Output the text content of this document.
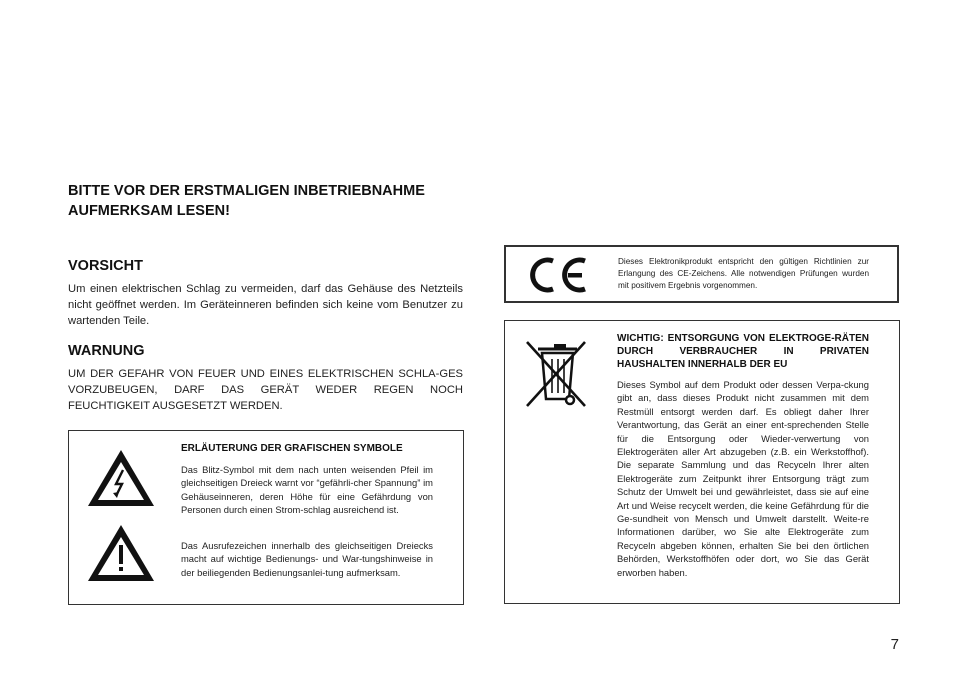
BITTE VOR DER ERSTMALIGEN INBETRIEBNAHME
AUFMERKSAM LESEN!
VORSICHT
Um einen elektrischen Schlag zu vermeiden, darf das Gehäuse des Netzteils nicht geöffnet werden. Im Geräteinneren befinden sich keine vom Benutzer zu wartenden Teile.
WARNUNG
UM DER GEFAHR VON FEUER UND EINES ELEKTRISCHEN SCHLA-GES VORZUBEUGEN, DARF DAS GERÄT WEDER REGEN NOCH FEUCHTIGKEIT AUSGESETZT WERDEN.
ERLÄUTERUNG DER GRAFISCHEN SYMBOLE
Das Blitz-Symbol mit dem nach unten weisenden Pfeil im gleichseitigen Dreieck warnt vor “gefährli-cher Spannung” im Gehäuseinneren, deren Höhe für eine Gefährdung von Personen durch einen Strom-schlag ausreichend ist.
Das Ausrufezeichen innerhalb des gleichseitigen Dreiecks macht auf wichtige Bedienungs- und War-tungshinweise in der beiliegenden Bedienungsanlei-tung aufmerksam.
Dieses Elektronikprodukt entspricht den gültigen Richtlinien zur Erlangung des CE-Zeichens. Alle notwendigen Prüfungen wurden mit positivem Ergebnis vorgenommen.
WICHTIG: ENTSORGUNG VON ELEKTROGE-RÄTEN DURCH VERBRAUCHER IN PRIVATEN HAUSHALTEN INNERHALB DER EU
Dieses Symbol auf dem Produkt oder dessen Verpa-ckung gibt an, dass dieses Produkt nicht zusammen mit dem Restmüll entsorgt werden darf. Es obliegt daher Ihrer Verantwortung, das Gerät an einer ent-sprechenden Stelle für die Entsorgung oder Wieder-verwertung von Elektrogeräten aller Art abzugeben (z.B. ein Werkstoffhof). Die separate Sammlung und das Recyceln Ihrer alten Elektrogeräte zum Zeitpunkt ihrer Entsorgung trägt zum Schutz der Umwelt bei und gewährleistet, dass sie auf eine Art und Weise recycelt werden, die keine Gefährdung für die Ge-sundheit von Mensch und Umwelt darstellt. Weite-re Informationen darüber, wo Sie alte Elektrogeräte zum Recyceln abgeben können, erhalten Sie bei den örtlichen Behörden, Werkstoffhöfen oder dort, wo Sie das Gerät erworben haben.
7
